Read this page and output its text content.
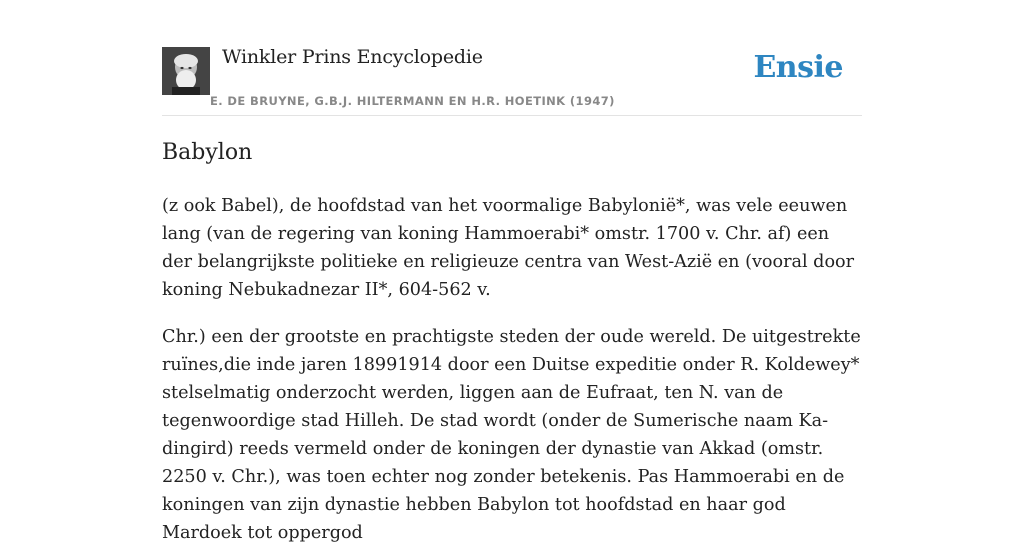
Winkler Prins Encyclopedie
E. DE BRUYNE, G.B.J. HILTERMANN EN H.R. HOETINK (1947)
Ensie
Babylon

(z ook Babel), de hoofdstad van het voormalige Babylonië*, was vele eeuwen lang (van de regering van koning Hammoerabi* omstr. 1700 v. Chr. af) een der belangrijkste politieke en religieuze centra van West-Azië en (vooral door koning Nebukadnezar II*, 604-562 v.

Chr.) een der grootste en prachtigste steden der oude wereld. De uitgestrekte ruïnes,die inde jaren 18991914 door een Duitse expeditie onder R. Koldewey* stelselmatig onderzocht werden, liggen aan de Eufraat, ten N. van de tegenwoordige stad Hilleh. De stad wordt (onder de Sumerische naam Ka-dingird) reeds vermeld onder de koningen der dynastie van Akkad (omstr. 2250 v. Chr.), was toen echter nog zonder betekenis. Pas Hammoerabi en de koningen van zijn dynastie hebben Babylon tot hoofdstad en haar god Mardoek tot oppergod
